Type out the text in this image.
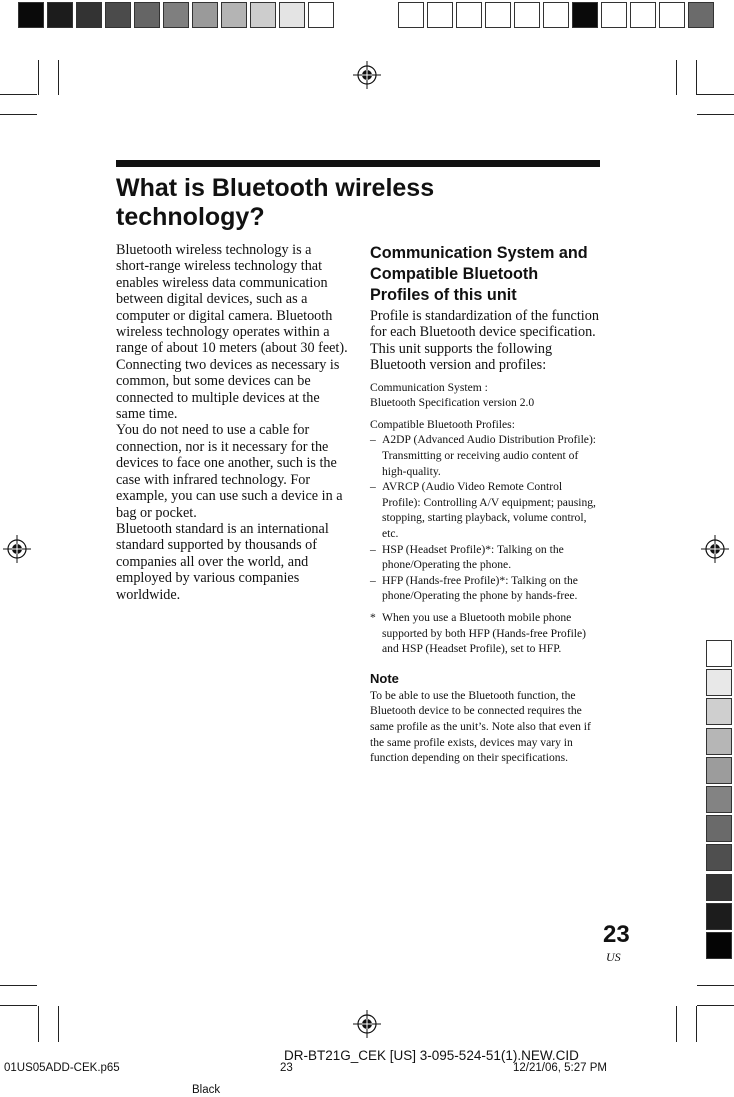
What is Bluetooth wireless technology?

Bluetooth wireless technology is a short-range wireless technology that enables wireless data communication between digital devices, such as a computer or digital camera. Bluetooth wireless technology operates within a range of about 10 meters (about 30 feet).

Connecting two devices as necessary is common, but some devices can be connected to multiple devices at the same time.

You do not need to use a cable for connection, nor is it necessary for the devices to face one another, such is the case with infrared technology. For example, you can use such a device in a bag or pocket.

Bluetooth standard is an international standard supported by thousands of companies all over the world, and employed by various companies worldwide.

Communication System and Compatible Bluetooth Profiles of this unit

Profile is standardization of the function for each Bluetooth device specification. This unit supports the following Bluetooth version and profiles:

Communication System :

Bluetooth Specification version 2.0

Compatible Bluetooth Profiles:

– A2DP (Advanced Audio Distribution Profile): Transmitting or receiving audio content of high-quality.
– AVRCP (Audio Video Remote Control Profile): Controlling A/V equipment; pausing, stopping, starting playback, volume control, etc.
– HSP (Headset Profile)*: Talking on the phone/Operating the phone.
– HFP (Hands-free Profile)*: Talking on the phone/Operating the phone by hands-free.
* When you use a Bluetooth mobile phone supported by both HFP (Hands-free Profile) and HSP (Headset Profile), set to HFP.
Note

To be able to use the Bluetooth function, the Bluetooth device to be connected requires the same profile as the unit’s. Note also that even if the same profile exists, devices may vary in function depending on their specifications.

23
US
01US05ADD-CEK.p65	23
DR-BT21G_CEK [US] 3-095-524-51(1).NEW.CID
12/21/06, 5:27 PM
Black
